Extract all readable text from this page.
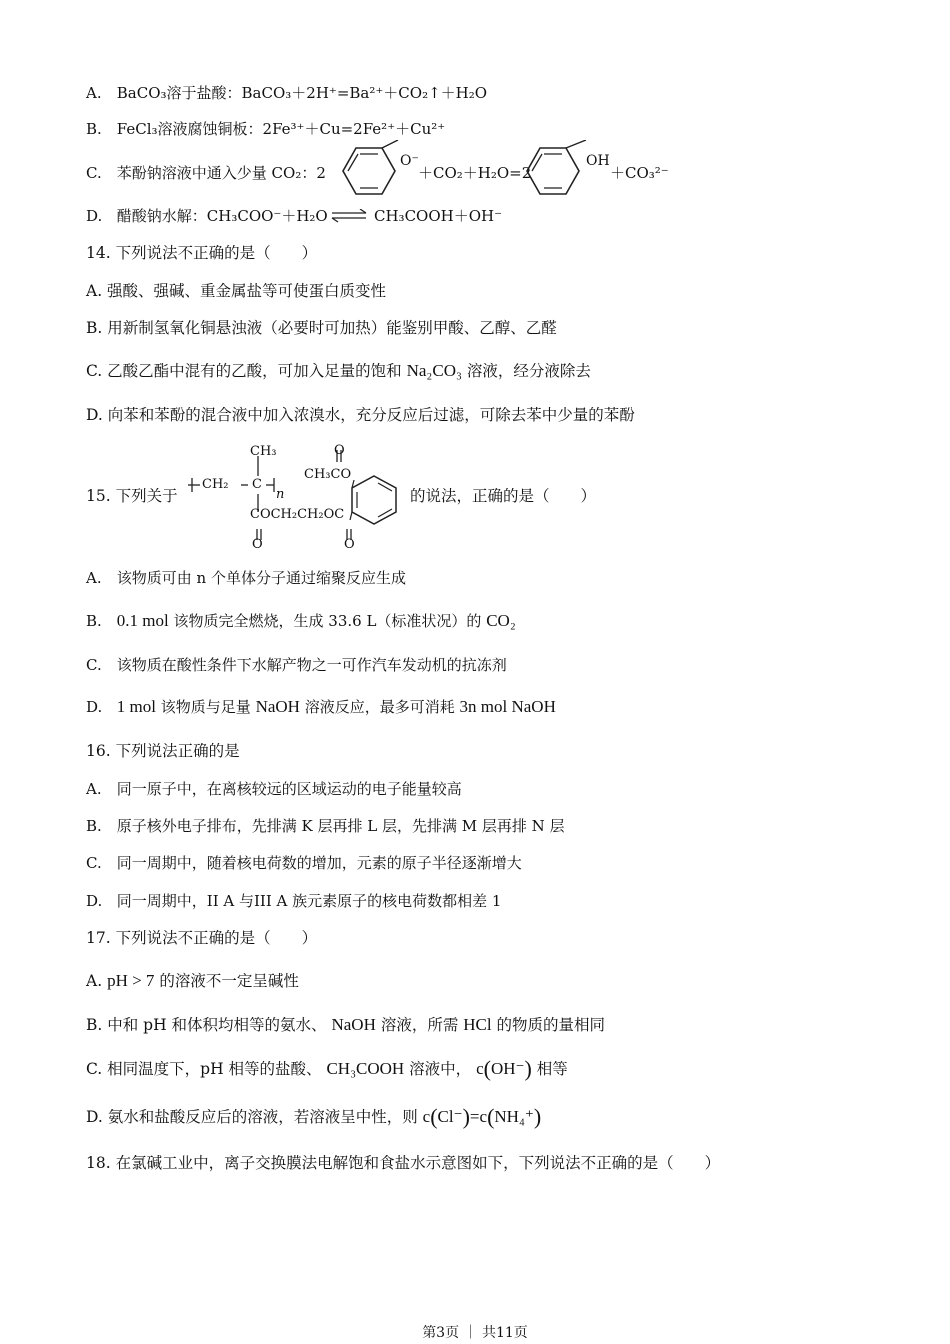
A. BaCO₃溶于盐酸：BaCO₃＋2H⁺=Ba²⁺＋CO₂↑＋H₂O
B. FeCl₃溶液腐蚀铜板：2Fe³⁺＋Cu=2Fe²⁺＋Cu²⁺
C. 苯酚钠溶液中通入少量 CO₂：2
O⁻
＋CO₂＋H₂O=2
OH
＋CO₃²⁻
D. 醋酸钠水解：CH₃COO⁻＋H₂O ⇌ CH₃COOH＋OH⁻
14. 下列说法不正确的是（　　）
A. 强酸、强碱、重金属盐等可使蛋白质变性
B. 用新制氢氧化铜悬浊液（必要时可加热）能鉴别甲酸、乙醇、乙醛
C. 乙酸乙酯中混有的乙酸，可加入足量的饱和 Na₂CO₃ 溶液，经分液除去
D. 向苯和苯酚的混合液中加入浓溴水，充分反应后过滤，可除去苯中少量的苯酚
15. 下列关于
CH₃
CH₂ C
n
O
CH₃CO
COCH₂CH₂OC
O	O
的说法，正确的是（　　）
A. 该物质可由 n 个单体分子通过缩聚反应生成
B. 0.1 mol 该物质完全燃烧，生成 33.6 L（标准状况）的 CO₂
C. 该物质在酸性条件下水解产物之一可作汽车发动机的抗冻剂
D. 1 mol 该物质与足量 NaOH 溶液反应，最多可消耗 3n mol NaOH
16. 下列说法正确的是
A. 同一原子中，在离核较远的区域运动的电子能量较高
B. 原子核外电子排布，先排满 K 层再排 L 层，先排满 M 层再排 N 层
C. 同一周期中，随着核电荷数的增加，元素的原子半径逐渐增大
D. 同一周期中，II A 与III A 族元素原子的核电荷数都相差 1
17. 下列说法不正确的是（　　）
A. pH > 7 的溶液不一定呈碱性
B. 中和 pH 和体积均相等的氨水、 NaOH 溶液，所需 HCl 的物质的量相同
C. 相同温度下，pH 相等的盐酸、 CH₃COOH 溶液中， c(OH⁻) 相等
D. 氨水和盐酸反应后的溶液，若溶液呈中性，则 c(Cl⁻)=c(NH₄⁺)
18. 在氯碱工业中，离子交换膜法电解饱和食盐水示意图如下，下列说法不正确的是（　　）
第3页 ｜ 共11页
